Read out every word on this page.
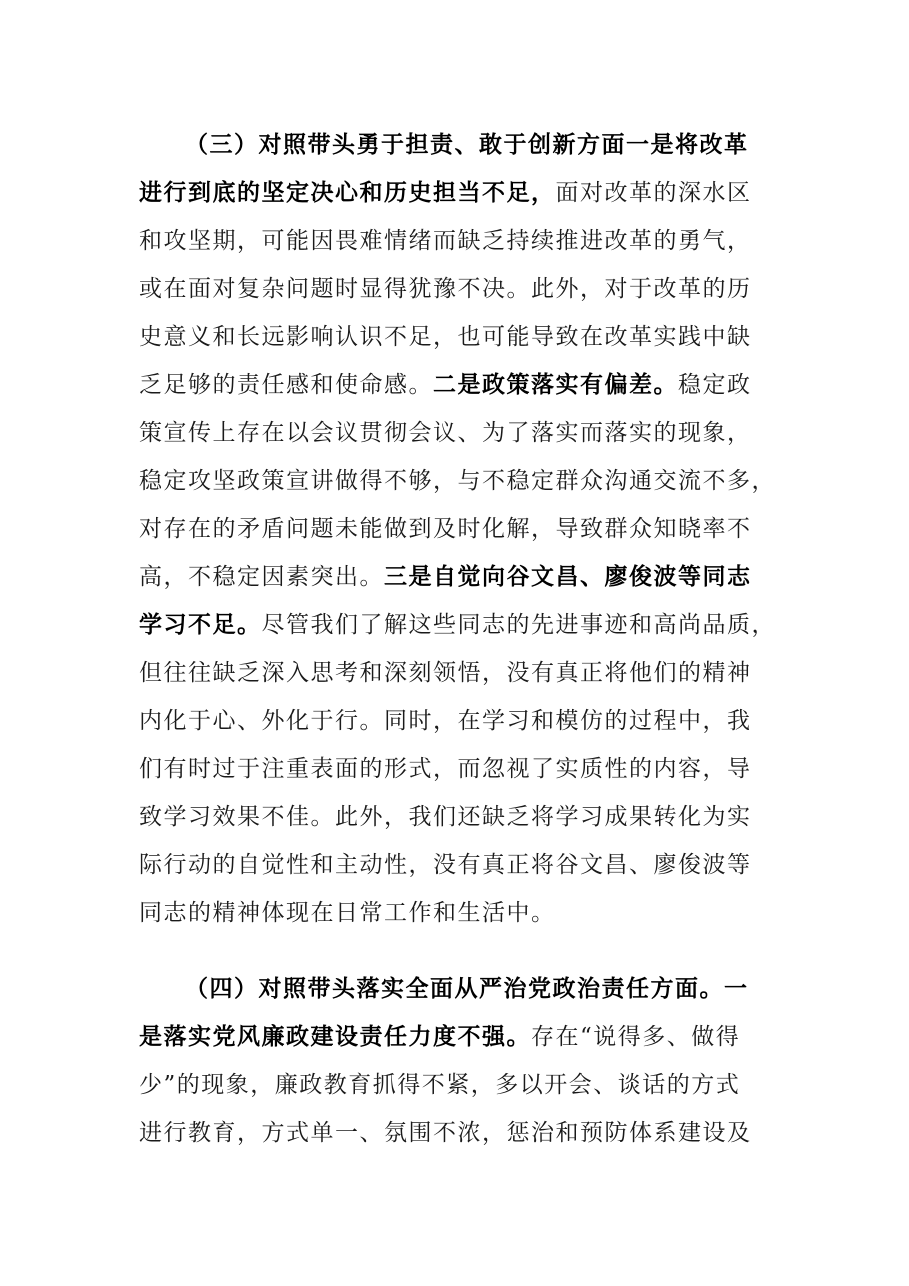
（三）对照带头勇于担责、敢于创新方面一是将改革
进行到底的坚定决心和历史担当不足，面对改革的深水区
和攻坚期，可能因畏难情绪而缺乏持续推进改革的勇气，
或在面对复杂问题时显得犹豫不决。此外，对于改革的历
史意义和长远影响认识不足，也可能导致在改革实践中缺
乏足够的责任感和使命感。二是政策落实有偏差。稳定政
策宣传上存在以会议贯彻会议、为了落实而落实的现象，
稳定攻坚政策宣讲做得不够，与不稳定群众沟通交流不多，
对存在的矛盾问题未能做到及时化解，导致群众知晓率不
高，不稳定因素突出。三是自觉向谷文昌、廖俊波等同志
学习不足。尽管我们了解这些同志的先进事迹和高尚品质，
但往往缺乏深入思考和深刻领悟，没有真正将他们的精神
内化于心、外化于行。同时，在学习和模仿的过程中，我
们有时过于注重表面的形式，而忽视了实质性的内容，导
致学习效果不佳。此外，我们还缺乏将学习成果转化为实
际行动的自觉性和主动性，没有真正将谷文昌、廖俊波等
同志的精神体现在日常工作和生活中。
（四）对照带头落实全面从严治党政治责任方面。一
是落实党风廉政建设责任力度不强。存在“说得多、做得
少”的现象，廉政教育抓得不紧，多以开会、谈话的方式
进行教育，方式单一、氛围不浓，惩治和预防体系建设及
